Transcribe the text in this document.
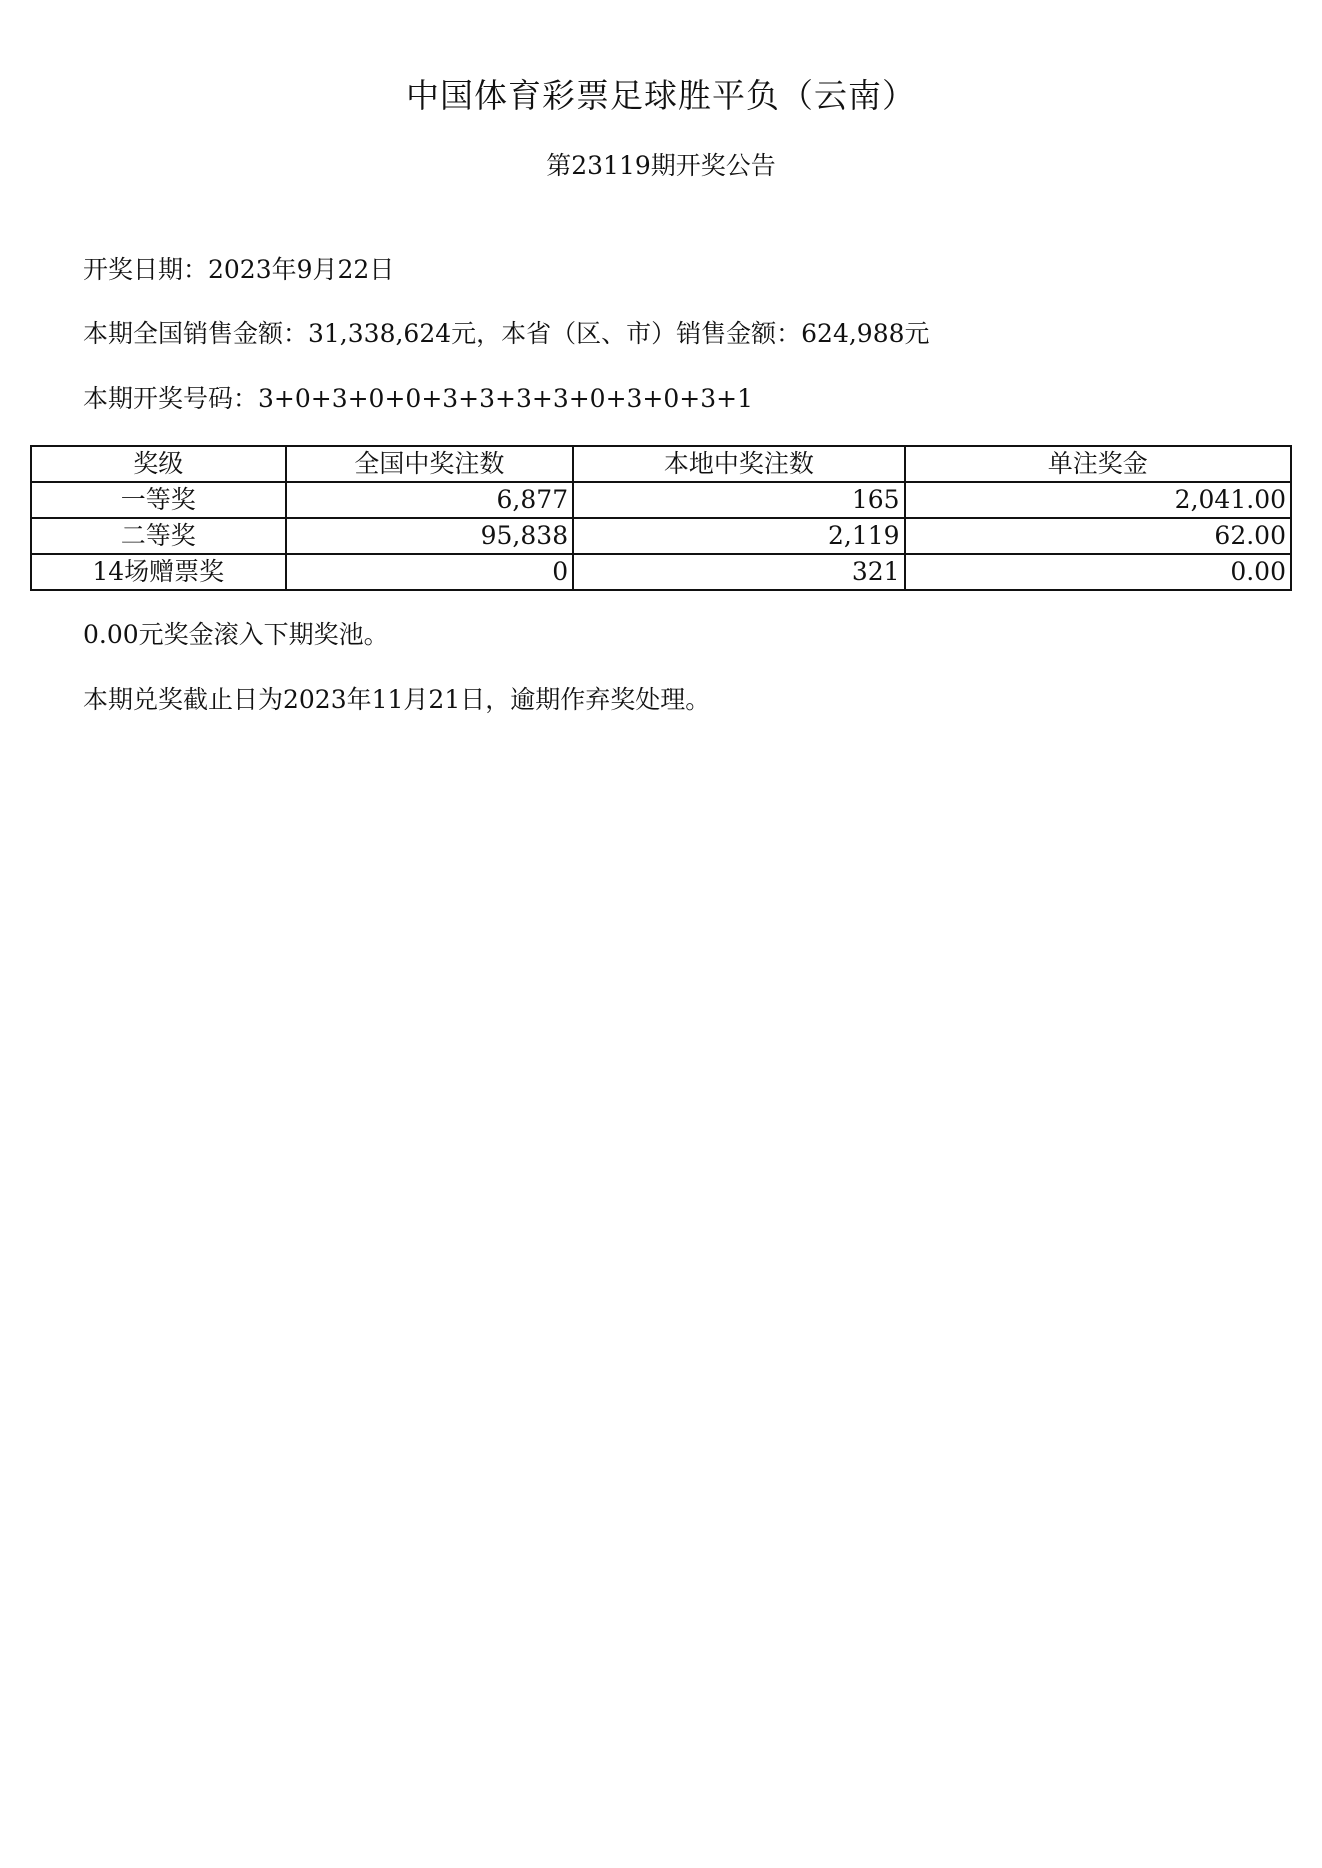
中国体育彩票足球胜平负（云南）
第23119期开奖公告
开奖日期：2023年9月22日
本期全国销售金额：31,338,624元，本省（区、市）销售金额：624,988元
本期开奖号码：3+0+3+0+0+3+3+3+3+0+3+0+3+1
奖级	全国中奖注数	本地中奖注数	单注奖金
一等奖	6,877	165	2,041.00
二等奖	95,838	2,119	62.00
14场赠票奖	0	321	0.00
0.00元奖金滚入下期奖池。
本期兑奖截止日为2023年11月21日，逾期作弃奖处理。
